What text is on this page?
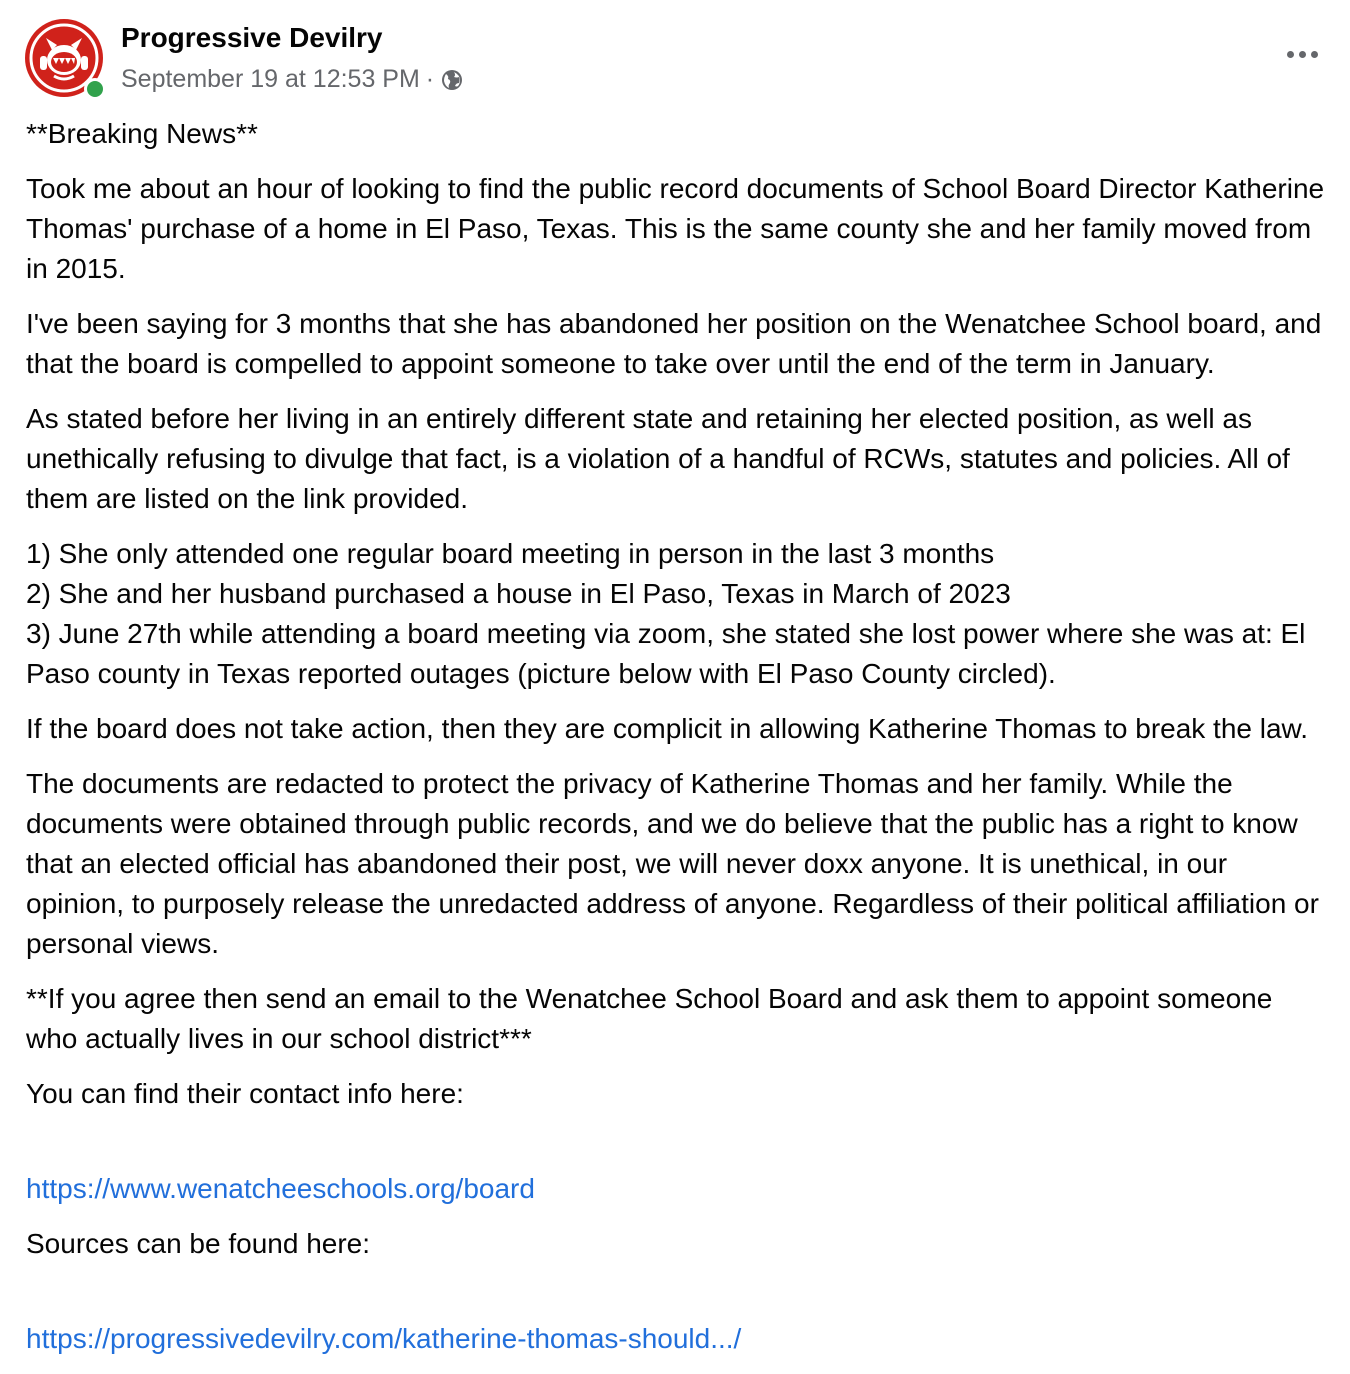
Progressive Devilry
September 19 at 12:53 PM ·

**Breaking News**

Took me about an hour of looking to find the public record documents of School Board Director Katherine Thomas' purchase of a home in El Paso, Texas. This is the same county she and her family moved from in 2015.

I've been saying for 3 months that she has abandoned her position on the Wenatchee School board, and that the board is compelled to appoint someone to take over until the end of the term in January.

As stated before her living in an entirely different state and retaining her elected position, as well as unethically refusing to divulge that fact, is a violation of a handful of RCWs, statutes and policies. All of them are listed on the link provided.

1) She only attended one regular board meeting in person in the last 3 months
2) She and her husband purchased a house in El Paso, Texas in March of 2023
3) June 27th while attending a board meeting via zoom, she stated she lost power where she was at: El Paso county in Texas reported outages (picture below with El Paso County circled).

If the board does not take action, then they are complicit in allowing Katherine Thomas to break the law.

The documents are redacted to protect the privacy of Katherine Thomas and her family. While the documents were obtained through public records, and we do believe that the public has a right to know that an elected official has abandoned their post, we will never doxx anyone. It is unethical, in our opinion, to purposely release the unredacted address of anyone. Regardless of their political affiliation or personal views.

**If you agree then send an email to the Wenatchee School Board and ask them to appoint someone who actually lives in our school district***

You can find their contact info here:

https://www.wenatcheeschools.org/board

Sources can be found here:

https://progressivedevilry.com/katherine-thomas-should.../
